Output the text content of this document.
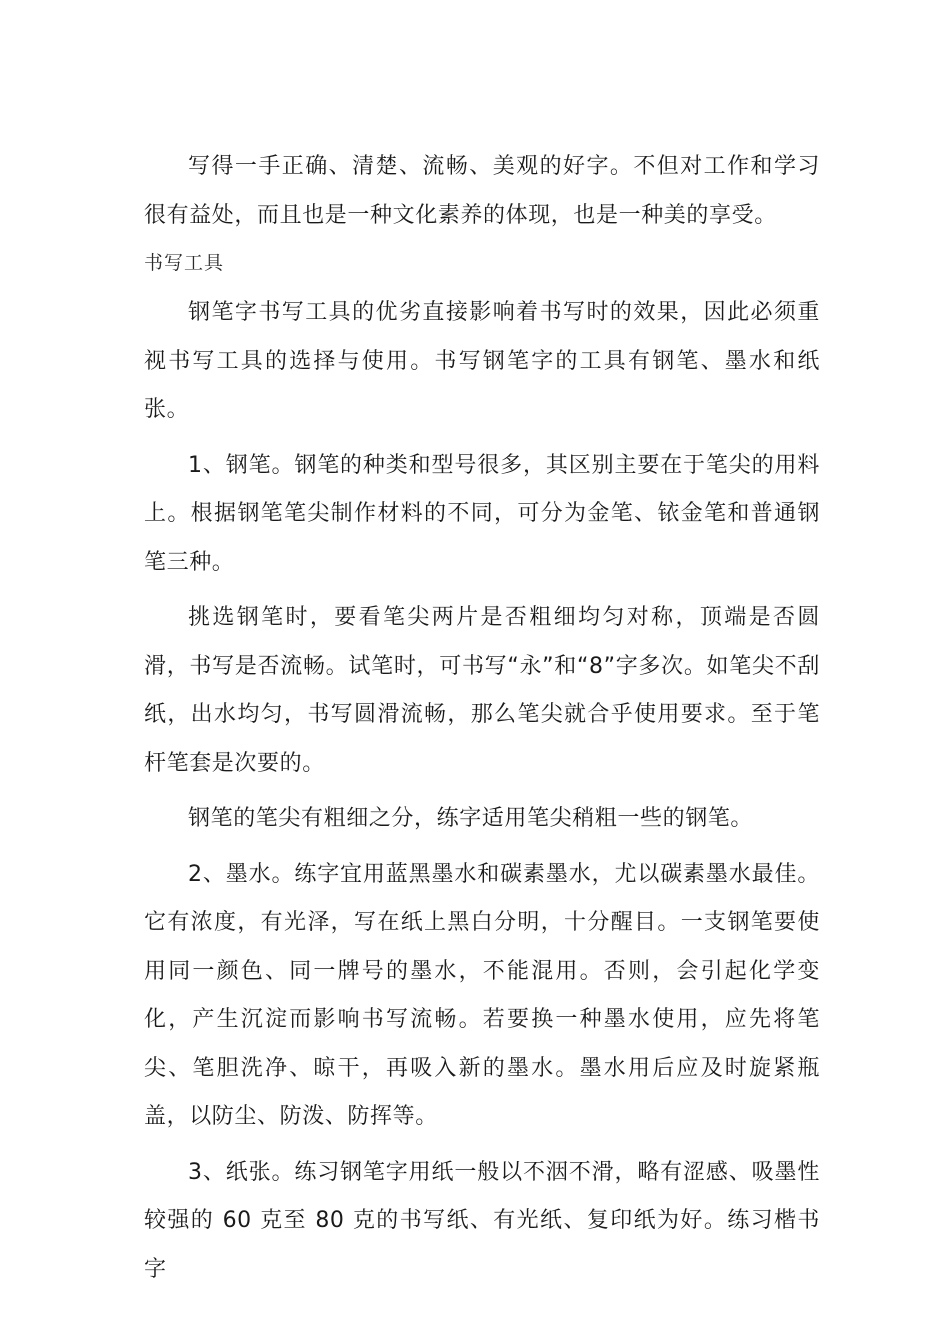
写得一手正确、清楚、流畅、美观的好字。不但对工作和学习很有益处，而且也是一种文化素养的体现，也是一种美的享受。

书写工具

钢笔字书写工具的优劣直接影响着书写时的效果，因此必须重视书写工具的选择与使用。书写钢笔字的工具有钢笔、墨水和纸张。

1、钢笔。钢笔的种类和型号很多，其区别主要在于笔尖的用料上。根据钢笔笔尖制作材料的不同，可分为金笔、铱金笔和普通钢笔三种。

挑选钢笔时，要看笔尖两片是否粗细均匀对称，顶端是否圆滑，书写是否流畅。试笔时，可书写“永”和“8”字多次。如笔尖不刮纸，出水均匀，书写圆滑流畅，那么笔尖就合乎使用要求。至于笔杆笔套是次要的。

钢笔的笔尖有粗细之分，练字适用笔尖稍粗一些的钢笔。

2、墨水。练字宜用蓝黑墨水和碳素墨水，尤以碳素墨水最佳。它有浓度，有光泽，写在纸上黑白分明，十分醒目。一支钢笔要使用同一颜色、同一牌号的墨水，不能混用。否则，会引起化学变化，产生沉淀而影响书写流畅。若要换一种墨水使用，应先将笔尖、笔胆洗净、晾干，再吸入新的墨水。墨水用后应及时旋紧瓶盖，以防尘、防泼、防挥等。

3、纸张。练习钢笔字用纸一般以不洇不滑，略有涩感、吸墨性较强的 60 克至 80 克的书写纸、有光纸、复印纸为好。练习楷书字
